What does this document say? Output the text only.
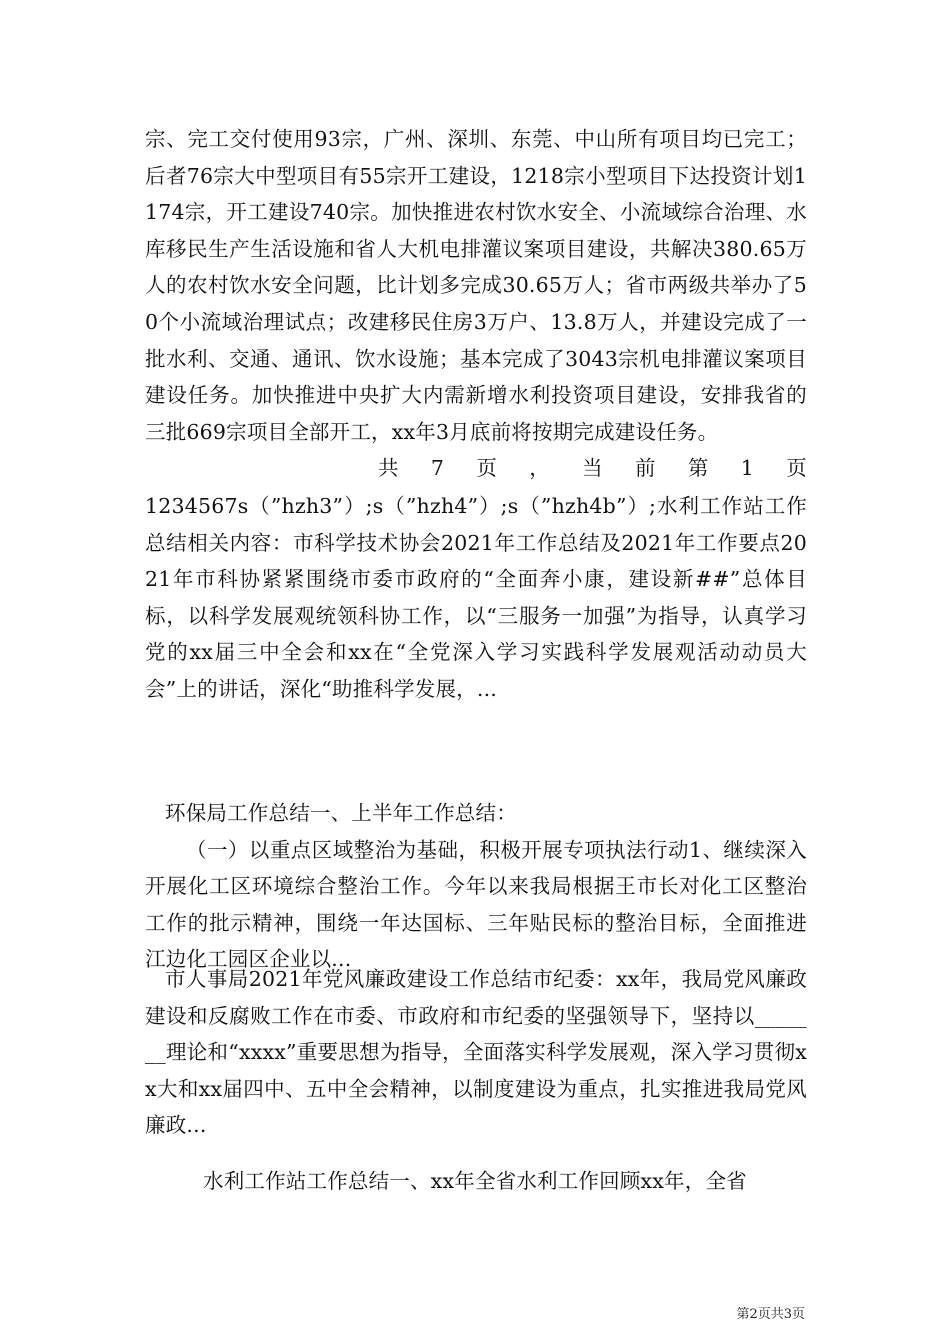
宗、完工交付使用93宗，广州、深圳、东莞、中山所有项目均已完工；后者76宗大中型项目有55宗开工建设，1218宗小型项目下达投资计划1174宗，开工建设740宗。加快推进农村饮水安全、小流域综合治理、水库移民生产生活设施和省人大机电排灌议案项目建设，共解决380.65万人的农村饮水安全问题，比计划多完成30.65万人；省市两级共举办了50个小流域治理试点；改建移民住房3万户、13.8万人，并建设完成了一批水利、交通、通讯、饮水设施；基本完成了3043宗机电排灌议案项目建设任务。加快推进中央扩大内需新增水利投资项目建设，安排我省的三批669宗项目全部开工，xx年3月底前将按期完成建设任务。

共 7 页 ， 当 前 第 1 页

1234567s（”hzh3”）;s（”hzh4”）;s（”hzh4b”）;水利工作站工作总结相关内容：市科学技术协会2021年工作总结及2021年工作要点2021年市科协紧紧围绕市委市政府的“全面奔小康，建设新##”总体目标，以科学发展观统领科协工作，以“三服务一加强”为指导，认真学习党的xx届三中全会和xx在“全党深入学习实践科学发展观活动动员大会”上的讲话，深化“助推科学发展，...

环保局工作总结一、上半年工作总结：

（一）以重点区域整治为基础，积极开展专项执法行动1、继续深入开展化工区环境综合整治工作。今年以来我局根据王市长对化工区整治工作的批示精神，围绕一年达国标、三年贴民标的整治目标，全面推进江边化工园区企业以...

市人事局2021年党风廉政建设工作总结市纪委：xx年，我局党风廉政建设和反腐败工作在市委、市政府和市纪委的坚强领导下，坚持以_______理论和“xxxx”重要思想为指导，全面落实科学发展观，深入学习贯彻xx大和xx届四中、五中全会精神，以制度建设为重点，扎实推进我局党风廉政...

水利工作站工作总结一、xx年全省水利工作回顾xx年，全省

第2页共3页
